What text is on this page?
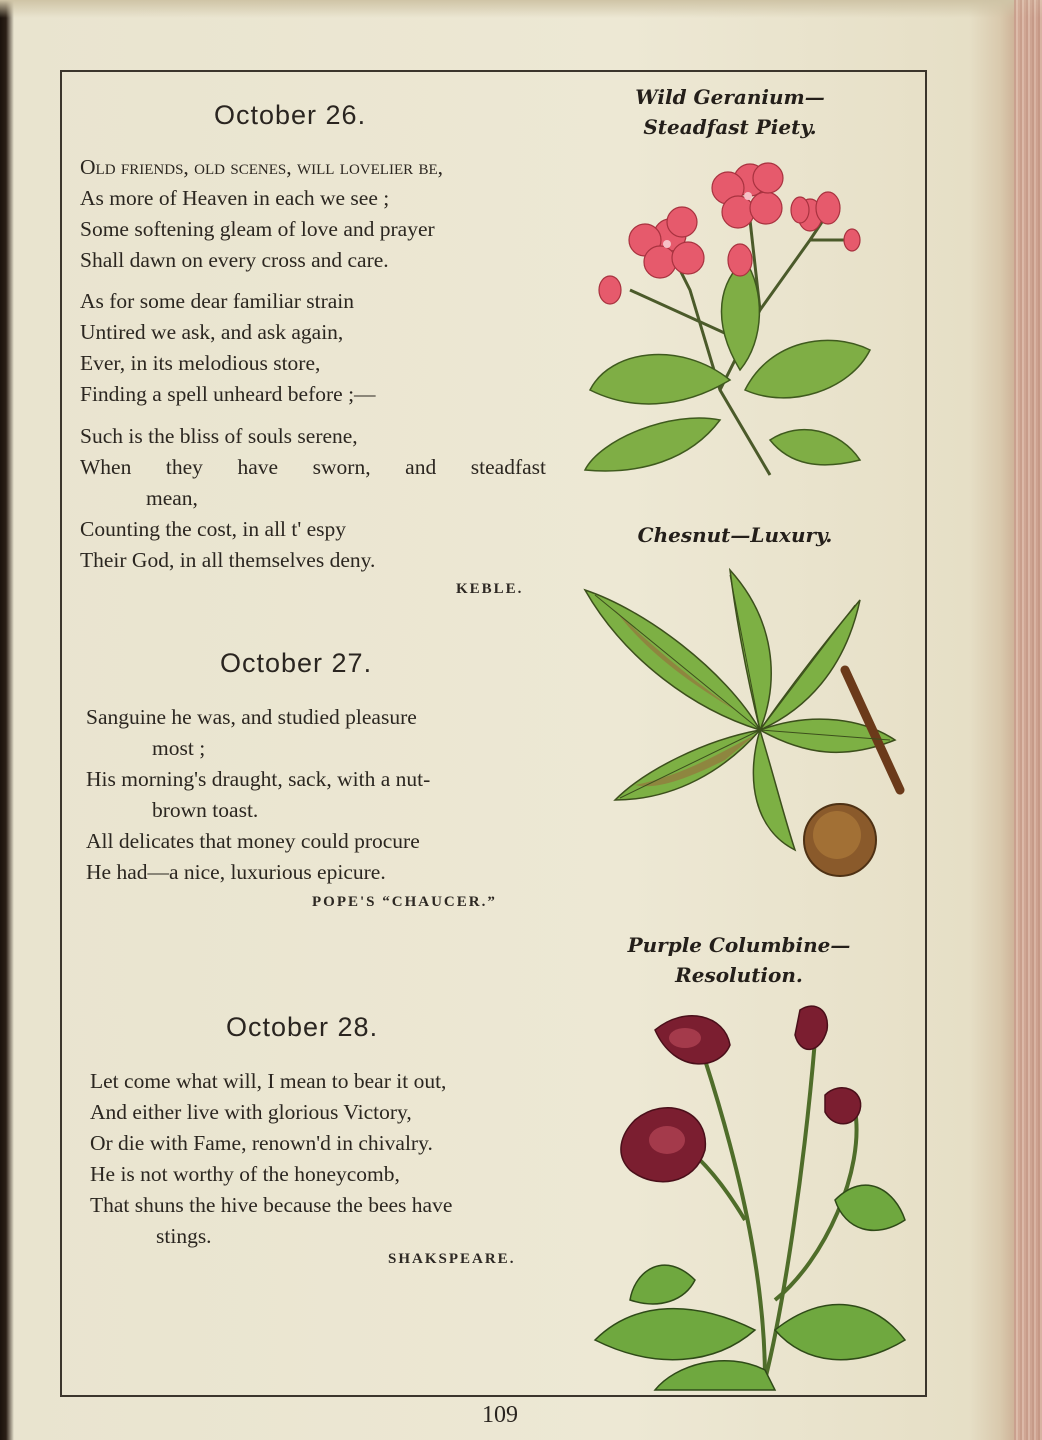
October 26.
Old friends, old scenes, will lovelier be,
As more of Heaven in each we see ;
Some softening gleam of love and prayer
Shall dawn on every cross and care.
As for some dear familiar strain
Untired we ask, and ask again,
Ever, in its melodious store,
Finding a spell unheard before ;—
Such is the bliss of souls serene,
When they have sworn, and steadfast
mean,
Counting the cost, in all t' espy
Their God, in all themselves deny.
KEBLE.
October 27.
Sanguine he was, and studied pleasure
most ;
His morning's draught, sack, with a nut-
brown toast.
All delicates that money could procure
He had—a nice, luxurious epicure.
POPE'S “CHAUCER.”
October 28.
Let come what will, I mean to bear it out,
And either live with glorious Victory,
Or die with Fame, renown'd in chivalry.
He is not worthy of the honeycomb,
That shuns the hive because the bees have
stings.
SHAKSPEARE.
Wild Geranium—
Steadfast Piety.
Chesnut—Luxury.
Purple Columbine—
Resolution.
109
